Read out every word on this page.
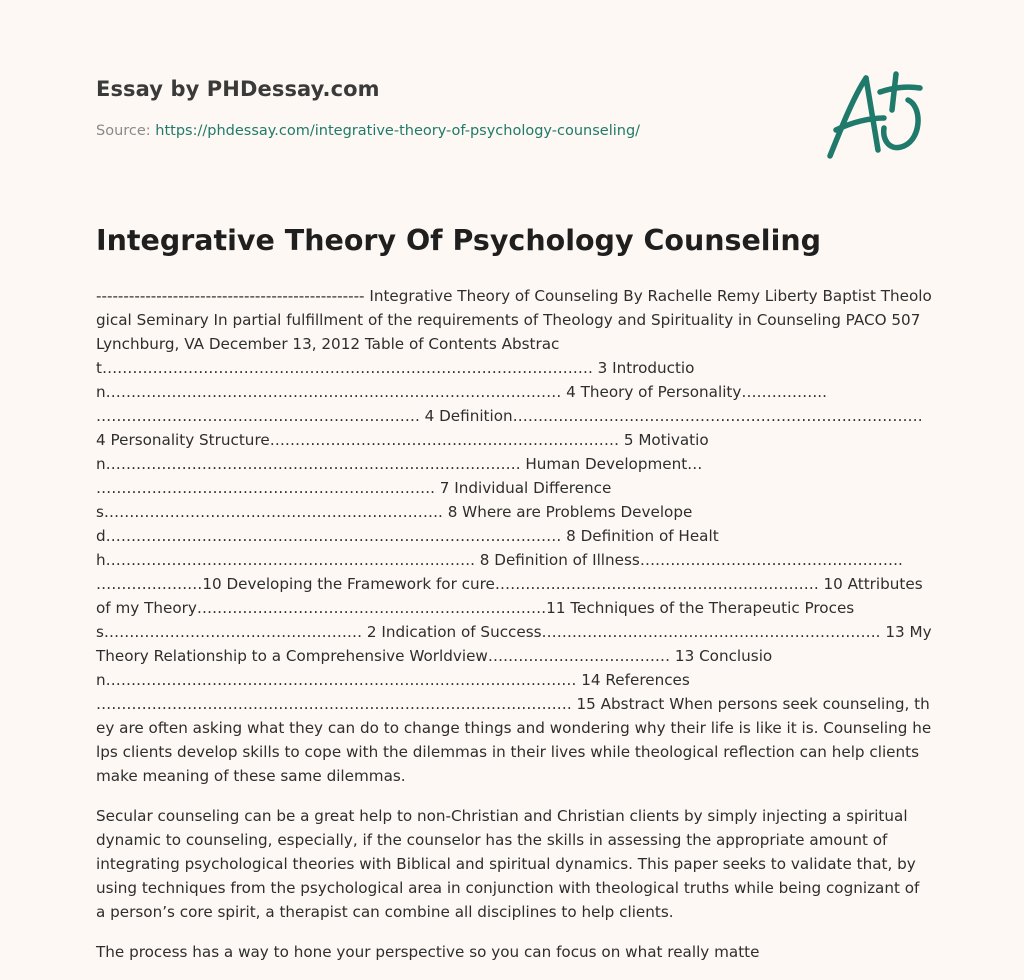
Essay by PHDessay.com
Source: https://phdessay.com/integrative-theory-of-psychology-counseling/
Integrative Theory Of Psychology Counseling

------------------------------------------------- Integrative Theory of Counseling By Rachelle Remy Liberty Baptist Theological Seminary In partial fulfillment of the requirements of Theology and Spirituality in Counseling PACO 507 Lynchburg, VA December 13, 2012 Table of Contents Abstract……………………………………………………………………………………. 3 Introduction……………………………………………………………………………… 4 Theory of Personality…………….. ………………………………………………………. 4 Definition……………………………………………………………………… 4 Personality Structure…………………………………………………………… 5 Motivation………………………………………………………………………. Human Development… …………………………………………………………. 7 Individual Differences…………………………………………………………. 8 Where are Problems Developed……………………………………………………………………………… 8 Definition of Health………………………………………………………………. 8 Definition of Illness……………………………………………. …………………10 Developing the Framework for cure………………………………………………………. 10 Attributes of my Theory……………………………………………………………11 Techniques of the Therapeutic Process…………………………………………… 2 Indication of Success…………………………………………………………. 13 My Theory Relationship to a Comprehensive Worldview……………………………… 13 Conclusion………………………………………………………………………………… 14 References …………………………………………………………………………………. 15 Abstract When persons seek counseling, they are often asking what they can do to change things and wondering why their life is like it is. Counseling helps clients develop skills to cope with the dilemmas in their lives while theological reflection can help clients make meaning of these same dilemmas.

Secular counseling can be a great help to non-Christian and Christian clients by simply injecting a spiritual dynamic to counseling, especially, if the counselor has the skills in assessing the appropriate amount of integrating psychological theories with Biblical and spiritual dynamics. This paper seeks to validate that, by using techniques from the psychological area in conjunction with theological truths while being cognizant of a person’s core spirit, a therapist can combine all disciplines to help clients.

The process has a way to hone your perspective so you can focus on what really matte
